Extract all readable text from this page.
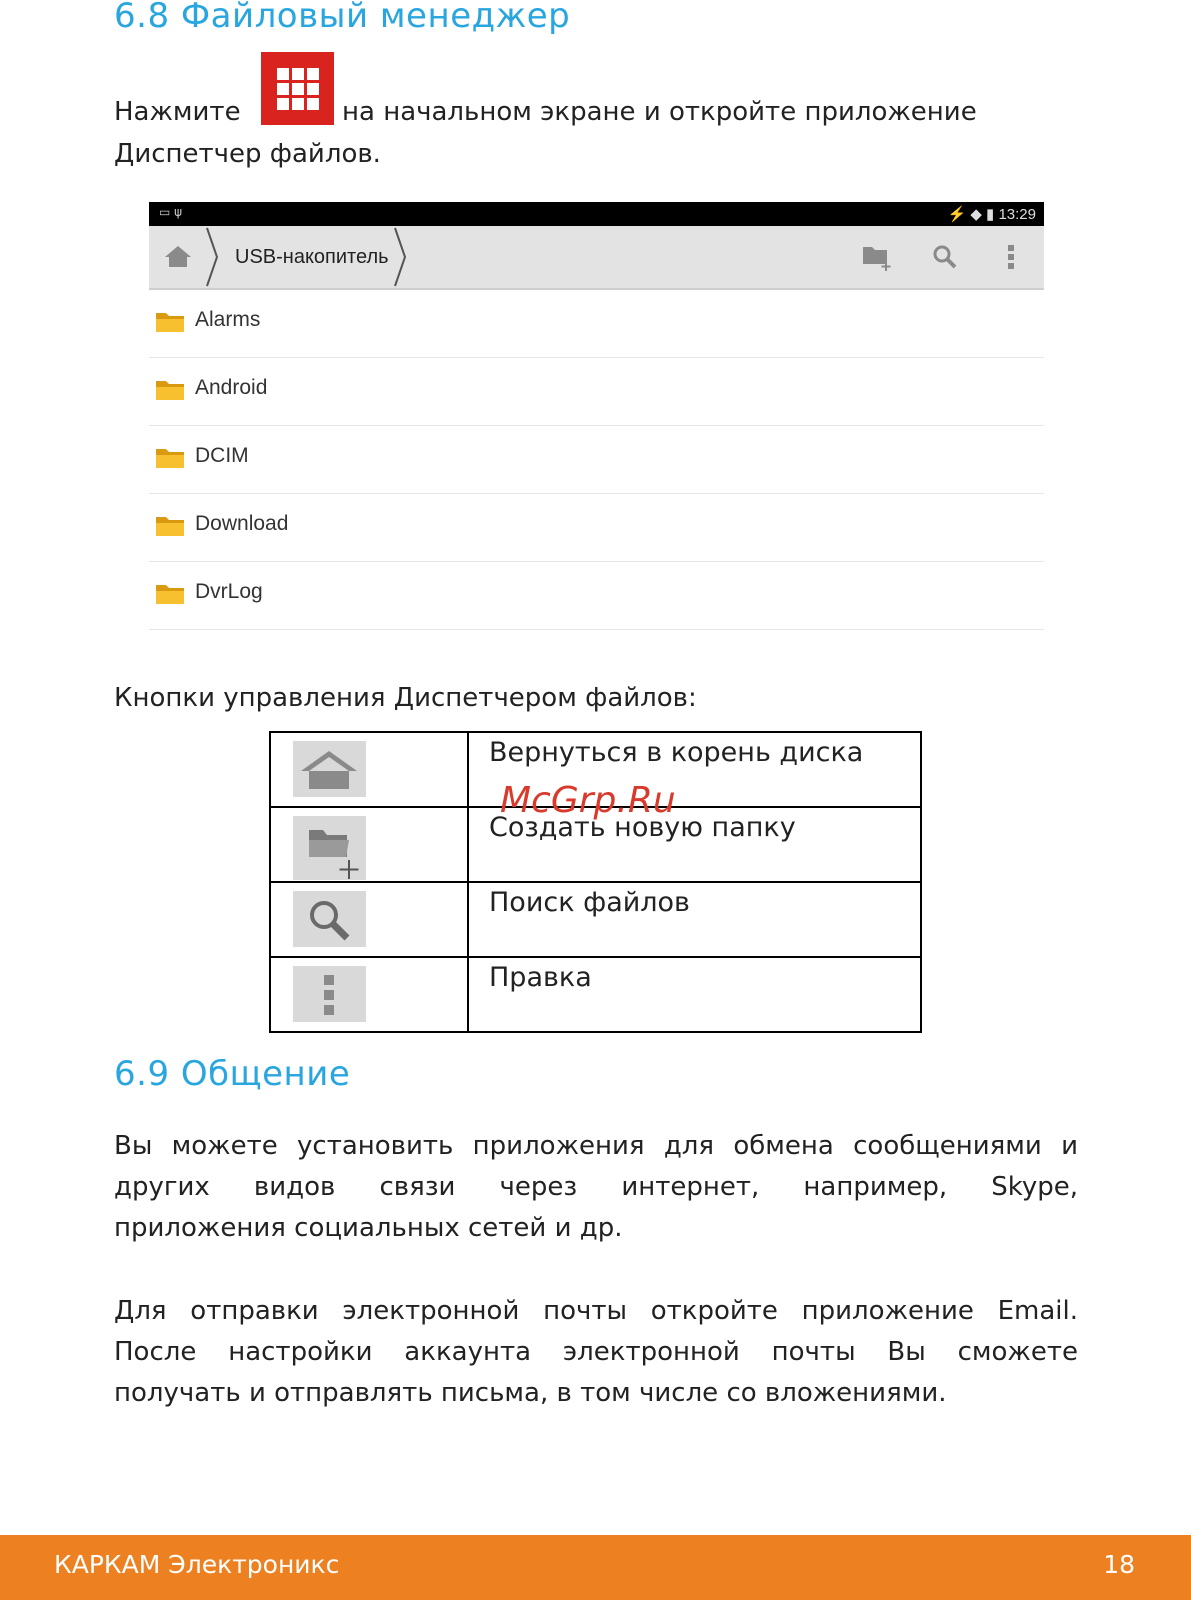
6.8 Файловый менеджер

Нажмите	на начальном экране и откройте приложение

Диспетчер файлов.

▭ ψ	⚡ ◆ ▮ 13:29
USB-накопитель
Alarms
Android
DCIM
Download
DvrLog

Кнопки управления Диспетчером файлов:

	Вернуться в корень диска

	Создать новую папку

	Поиск файлов

	Правка
McGrp.Ru
6.9 Общение

Вы можете установить приложения для обмена сообщениями и

других видов связи через интернет, например, Skype,

приложения социальных сетей и др.

Для отправки электронной почты откройте приложение Email.

После настройки аккаунта электронной почты Вы сможете

получать и отправлять письма, в том числе со вложениями.

КАРКАМ Электроникс	18
